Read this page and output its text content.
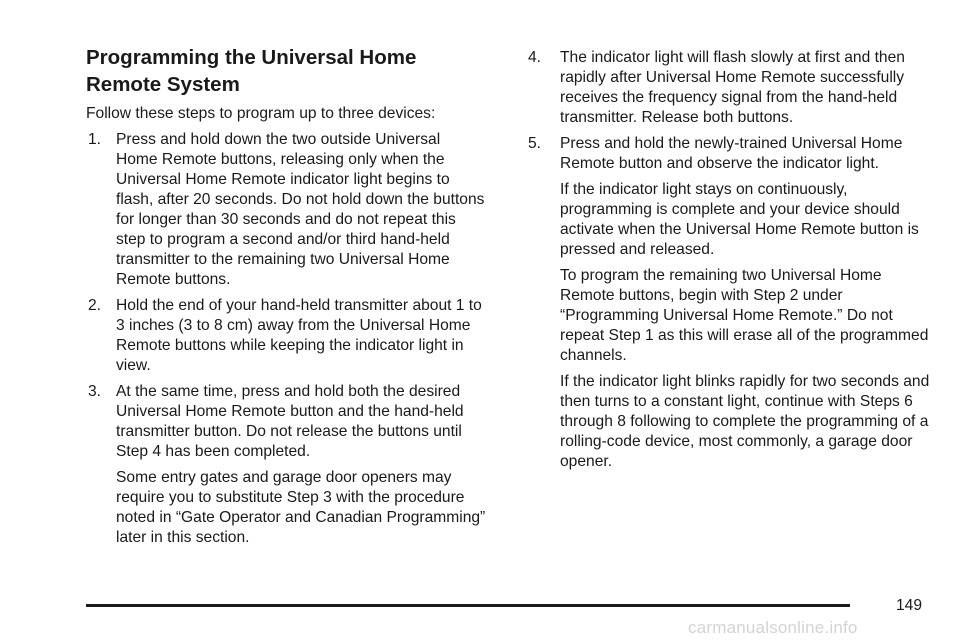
Programming the Universal Home Remote System

Follow these steps to program up to three devices:

1. Press and hold down the two outside Universal Home Remote buttons, releasing only when the Universal Home Remote indicator light begins to flash, after 20 seconds. Do not hold down the buttons for longer than 30 seconds and do not repeat this step to program a second and/or third hand-held transmitter to the remaining two Universal Home Remote buttons.

2. Hold the end of your hand-held transmitter about 1 to 3 inches (3 to 8 cm) away from the Universal Home Remote buttons while keeping the indicator light in view.

3. At the same time, press and hold both the desired Universal Home Remote button and the hand-held transmitter button. Do not release the buttons until Step 4 has been completed.

Some entry gates and garage door openers may require you to substitute Step 3 with the procedure noted in “Gate Operator and Canadian Programming” later in this section.

4.	The indicator light will flash slowly at first and then rapidly after Universal Home Remote successfully receives the frequency signal from the hand-held transmitter. Release both buttons.

5.	Press and hold the newly-trained Universal Home Remote button and observe the indicator light.

If the indicator light stays on continuously, programming is complete and your device should activate when the Universal Home Remote button is pressed and released.

To program the remaining two Universal Home Remote buttons, begin with Step 2 under “Programming Universal Home Remote.” Do not repeat Step 1 as this will erase all of the programmed channels.

If the indicator light blinks rapidly for two seconds and then turns to a constant light, continue with Steps 6 through 8 following to complete the programming of a rolling-code device, most commonly, a garage door opener.

149
carmanualsonline.info
